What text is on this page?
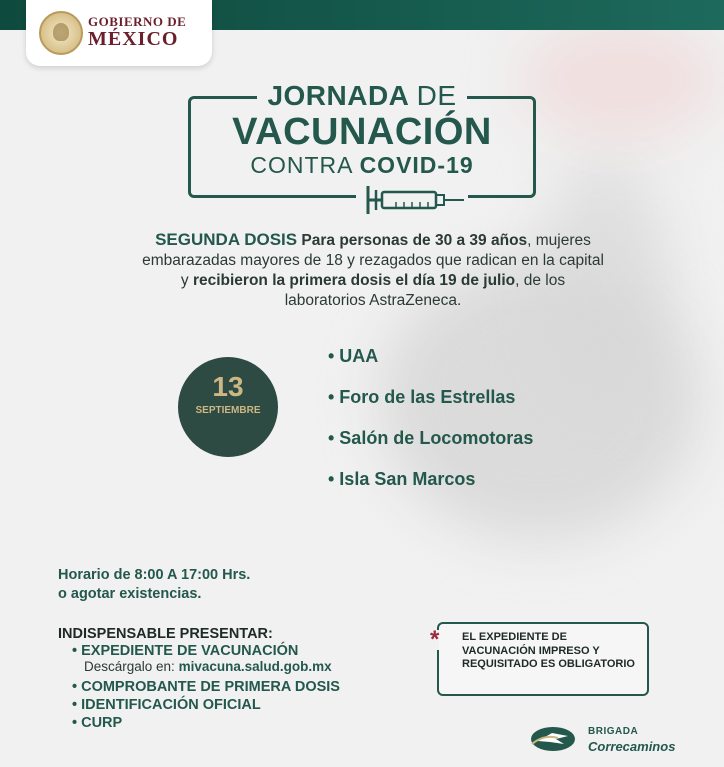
GOBIERNO DE
MÉXICO
JORNADA DE
VACUNACIÓN
CONTRA COVID-19
SEGUNDA DOSIS Para personas de 30 a 39 años, mujeres
embarazadas mayores de 18 y rezagados que radican en la capital
y recibieron la primera dosis el día 19 de julio, de los
laboratorios AstraZeneca.
13
SEPTIEMBRE
• UAA
• Foro de las Estrellas
• Salón de Locomotoras
• Isla San Marcos
Horario de 8:00 A 17:00 Hrs.
o agotar existencias.
INDISPENSABLE PRESENTAR:
• EXPEDIENTE DE VACUNACIÓN
Descárgalo en: mivacuna.salud.gob.mx
• COMPROBANTE DE PRIMERA DOSIS
• IDENTIFICACIÓN OFICIAL
• CURP
* EL EXPEDIENTE DE VACUNACIÓN IMPRESO Y REQUISITADO ES OBLIGATORIO
BRIGADA
Correcaminos
